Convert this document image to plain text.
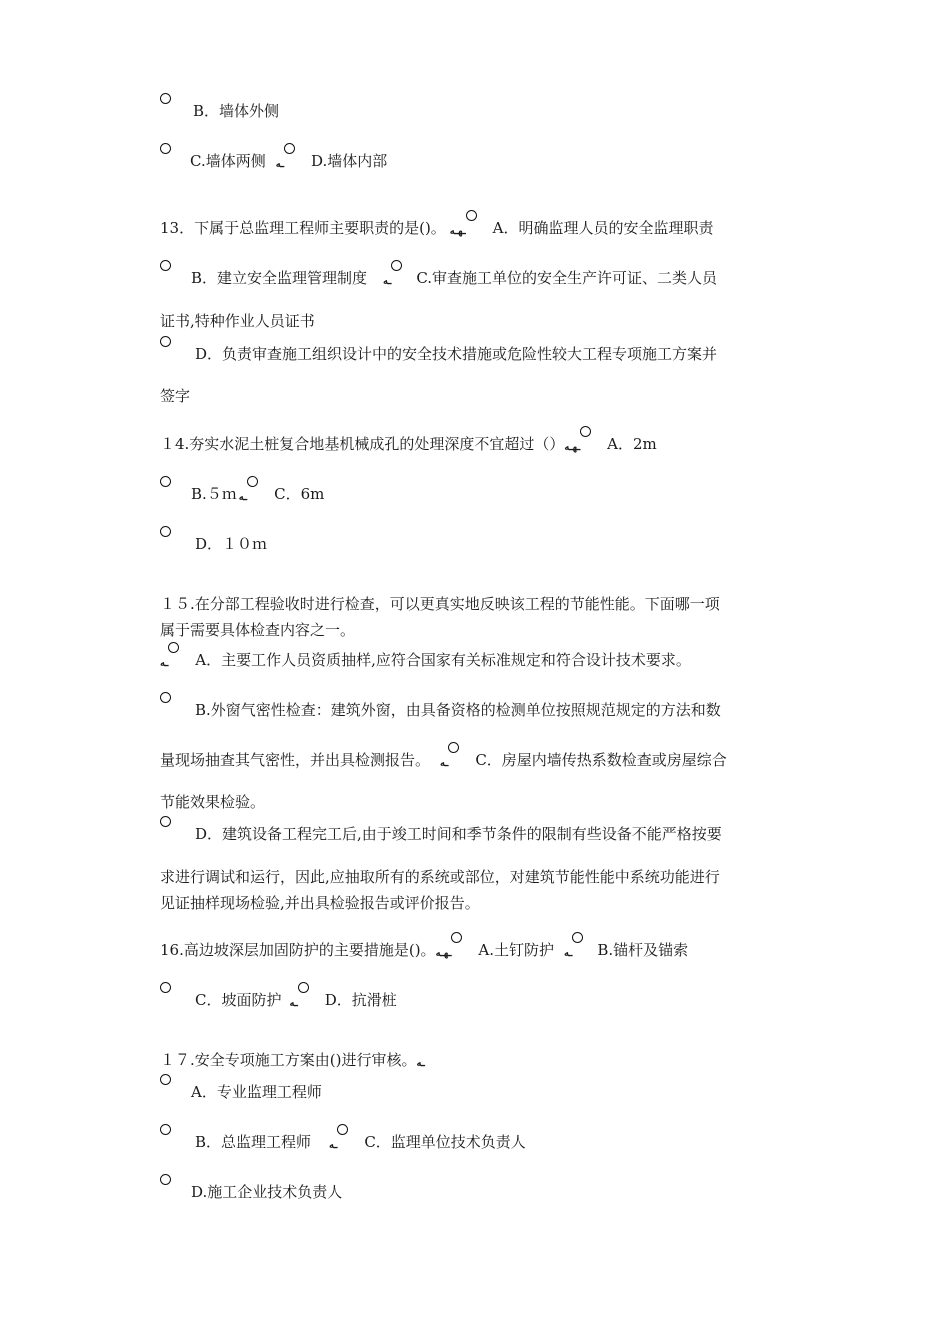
B．墙体外侧
C.墙体两侧 ـه D.墙体内部
13．下属于总监理工程师主要职责的是()。 ـهـه A．明确监理人员的安全监理职责
B．建立安全监理管理制度 ـه C.审查施工单位的安全生产许可证、二类人员
证书,特种作业人员证书
D．负责审查施工组织设计中的安全技术措施或危险性较大工程专项施工方案并
签字
１4.夯实水泥土桩复合地基机械成孔的处理深度不宜超过（） ـهـه A．2m
B.５ｍ ـه C．6m
D．１０ｍ
１５.在分部工程验收时进行检查，可以更真实地反映该工程的节能性能。下面哪一项
属于需要具体检查内容之一。
ـه A．主要工作人员资质抽样,应符合国家有关标准规定和符合设计技术要求。
B.外窗气密性检查：建筑外窗，由具备资格的检测单位按照规范规定的方法和数
量现场抽查其气密性，并出具检测报告。 ـه C．房屋内墙传热系数检查或房屋综合
节能效果检验。
D．建筑设备工程完工后,由于竣工时间和季节条件的限制有些设备不能严格按要
求进行调试和运行，因此,应抽取所有的系统或部位，对建筑节能性能中系统功能进行
见证抽样现场检验,并出具检验报告或评价报告。
16.高边坡深层加固防护的主要措施是()。 ـهـه A.土钉防护 ـه B.锚杆及锚索
C．坡面防护 ـه D．抗滑桩
１７.安全专项施工方案由()进行审核。ـه
A．专业监理工程师
B．总监理工程师 ـه C．监理单位技术负责人
D.施工企业技术负责人
